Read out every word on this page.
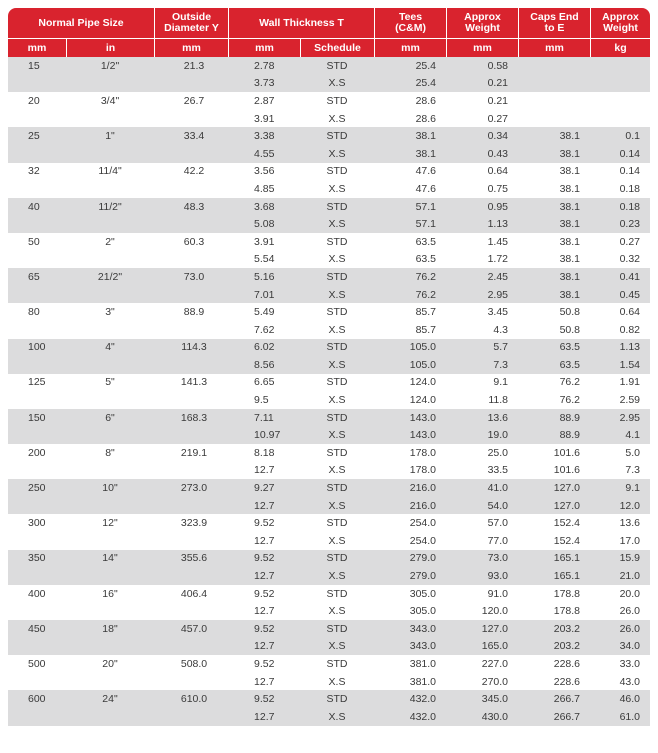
Normal Pipe Size		Outside Diameter Y	Wall Thickness T		Tees (C&M)	Approx Weight	Caps End to E	Approx Weight
mm	in	mm	mm	Schedule	mm	mm	mm	kg
15	1/2"	21.3	2.78	STD	25.4	0.58		
			3.73	X.S	25.4	0.21		
20	3/4"	26.7	2.87	STD	28.6	0.21		
			3.91	X.S	28.6	0.27		
25	1"	33.4	3.38	STD	38.1	0.34	38.1	0.1
			4.55	X.S	38.1	0.43	38.1	0.14
32	11/4"	42.2	3.56	STD	47.6	0.64	38.1	0.14
			4.85	X.S	47.6	0.75	38.1	0.18
40	11/2"	48.3	3.68	STD	57.1	0.95	38.1	0.18
			5.08	X.S	57.1	1.13	38.1	0.23
50	2"	60.3	3.91	STD	63.5	1.45	38.1	0.27
			5.54	X.S	63.5	1.72	38.1	0.32
65	21/2"	73.0	5.16	STD	76.2	2.45	38.1	0.41
			7.01	X.S	76.2	2.95	38.1	0.45
80	3"	88.9	5.49	STD	85.7	3.45	50.8	0.64
			7.62	X.S	85.7	4.3	50.8	0.82
100	4"	114.3	6.02	STD	105.0	5.7	63.5	1.13
			8.56	X.S	105.0	7.3	63.5	1.54
125	5"	141.3	6.65	STD	124.0	9.1	76.2	1.91
			9.5	X.S	124.0	11.8	76.2	2.59
150	6"	168.3	7.11	STD	143.0	13.6	88.9	2.95
			10.97	X.S	143.0	19.0	88.9	4.1
200	8"	219.1	8.18	STD	178.0	25.0	101.6	5.0
			12.7	X.S	178.0	33.5	101.6	7.3
250	10"	273.0	9.27	STD	216.0	41.0	127.0	9.1
			12.7	X.S	216.0	54.0	127.0	12.0
300	12"	323.9	9.52	STD	254.0	57.0	152.4	13.6
			12.7	X.S	254.0	77.0	152.4	17.0
350	14"	355.6	9.52	STD	279.0	73.0	165.1	15.9
			12.7	X.S	279.0	93.0	165.1	21.0
400	16"	406.4	9.52	STD	305.0	91.0	178.8	20.0
			12.7	X.S	305.0	120.0	178.8	26.0
450	18"	457.0	9.52	STD	343.0	127.0	203.2	26.0
			12.7	X.S	343.0	165.0	203.2	34.0
500	20"	508.0	9.52	STD	381.0	227.0	228.6	33.0
			12.7	X.S	381.0	270.0	228.6	43.0
600	24"	610.0	9.52	STD	432.0	345.0	266.7	46.0
			12.7	X.S	432.0	430.0	266.7	61.0
